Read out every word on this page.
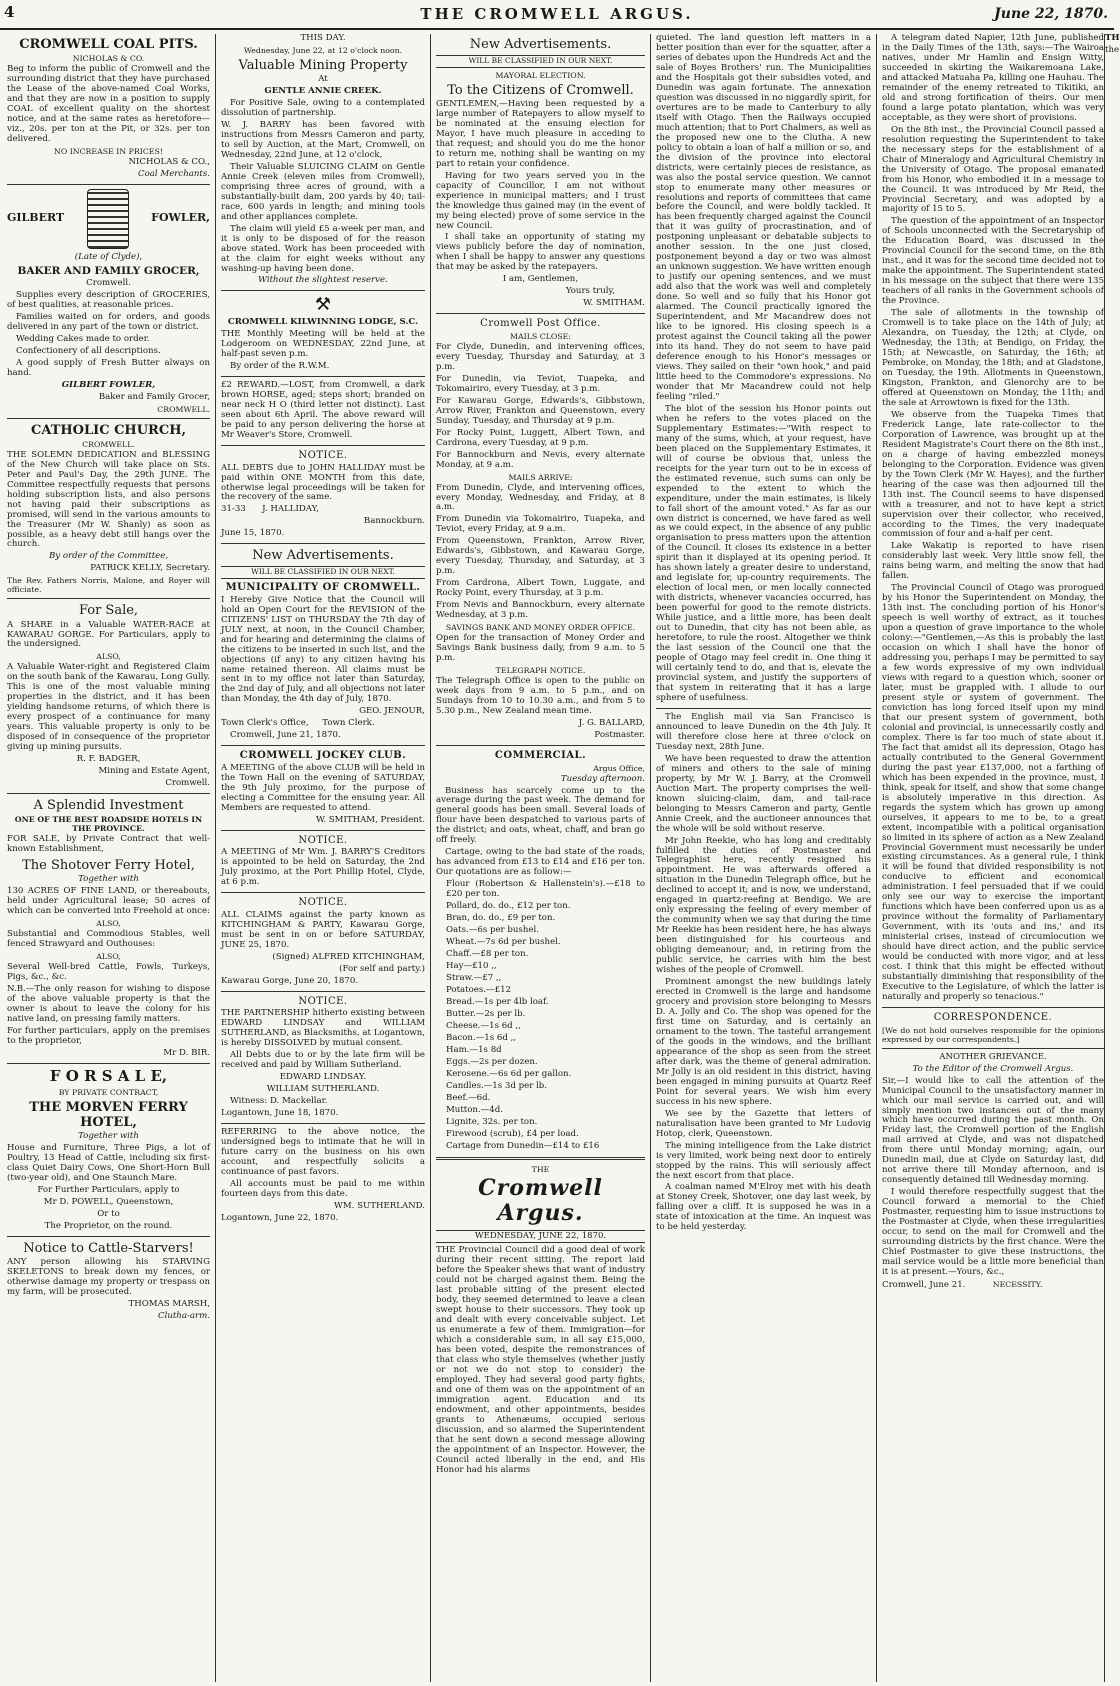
4	THE CROMWELL ARGUS.	June 22, 1870.
CROMWELL COAL PITS.

NICHOLAS & CO.

Beg to inform the public of Cromwell and the surrounding district that they have purchased the Lease of the above-named Coal Works, and that they are now in a position to supply COAL of excellent quality on the shortest notice, and at the same rates as heretofore—viz., 20s. per ton at the Pit, or 32s. per ton delivered.

NO INCREASE IN PRICES!

NICHOLAS & CO.,

Coal Merchants.

GILBERT	FOWLER,

(Late of Clyde),

BAKER AND FAMILY GROCER,

Cromwell.

Supplies every description of GROCERIES, of best qualities, at reasonable prices.

Families waited on for orders, and goods delivered in any part of the town or district.

Wedding Cakes made to order.

Confectionery of all descriptions.

A good supply of Fresh Butter always on hand.

GILBERT FOWLER,

Baker and Family Grocer,

CROMWELL.

CATHOLIC CHURCH,

CROMWELL.

THE SOLEMN DEDICATION and BLESSING of the New Church will take place on Sts. Peter and Paul's Day, the 29th JUNE. The Committee respectfully requests that persons holding subscription lists, and also persons not having paid their subscriptions as promised, will send in the various amounts to the Treasurer (Mr W. Shanly) as soon as possible, as a heavy debt still hangs over the church.

By order of the Committee,

PATRICK KELLY, Secretary.

The Rev. Fathers Norris, Malone, and Royer will officiate.

For Sale,

A SHARE in a Valuable WATER-RACE at KAWARAU GORGE. For Particulars, apply to the undersigned.

ALSO,

A Valuable Water-right and Registered Claim on the south bank of the Kawarau, Long Gully. This is one of the most valuable mining properties in the district, and it has been yielding handsome returns, of which there is every prospect of a continuance for many years. This valuable property is only to be disposed of in consequence of the proprietor giving up mining pursuits.

R. F. BADGER,

Mining and Estate Agent,

Cromwell.

A Splendid Investment

ONE OF THE BEST ROADSIDE HOTELS IN THE PROVINCE.

FOR SALE, by Private Contract that well-known Establishment,

The Shotover Ferry Hotel,

Together with

130 ACRES OF FINE LAND, or thereabouts, held under Agricultural lease; 50 acres of which can be converted into Freehold at once:

ALSO,

Substantial and Commodious Stables, well fenced Strawyard and Outhouses:

ALSO,

Several Well-bred Cattle, Fowls, Turkeys, Pigs, &c., &c.

N.B.—The only reason for wishing to dispose of the above valuable property is that the owner is about to leave the colony for his native land, on pressing family matters.

For further particulars, apply on the premises to the proprietor,

Mr D. BIR.

F O R S A L E,

BY PRIVATE CONTRACT,

THE MORVEN FERRY HOTEL,

Together with

House and Furniture, Three Pigs, a lot of Poultry, 13 Head of Cattle, including six first-class Quiet Dairy Cows, One Short-Horn Bull (two-year old), and One Staunch Mare.

For Further Particulars, apply to

Mr D. POWELL, Queenstown,

Or to

The Proprietor, on the round.

Notice to Cattle-Starvers!

ANY person allowing his STARVING SKELETONS to break down my fences, or otherwise damage my property or trespass on my farm, will be prosecuted.

THOMAS MARSH,

Clutha-arm.

THIS DAY.

Wednesday, June 22, at 12 o'clock noon.

Valuable Mining Property

At

GENTLE ANNIE CREEK.

For Positive Sale, owing to a contemplated dissolution of partnership.

W. J. BARRY has been favored with instructions from Messrs Cameron and party, to sell by Auction, at the Mart, Cromwell, on Wednesday, 22nd June, at 12 o'clock,

Their Valuable SLUICING CLAIM on Gentle Annie Creek (eleven miles from Cromwell), comprising three acres of ground, with a substantially-built dam, 200 yards by 40; tail-race, 600 yards in length; and mining tools and other appliances complete.

The claim will yield £5 a-week per man, and it is only to be disposed of for the reason above stated. Work has been proceeded with at the claim for eight weeks without any washing-up having been done.

Without the slightest reserve.

⚒

CROMWELL KILWINNING LODGE, S.C.

THE Monthly Meeting will be held at the Lodgeroom on WEDNESDAY, 22nd June, at half-past seven p.m.

By order of the R.W.M.

£2 REWARD.—LOST, from Cromwell, a dark brown HORSE, aged; steps short; branded on near neck H O (third letter not distinct). Last seen about 6th April. The above reward will be paid to any person delivering the horse at Mr Weaver's Store, Cromwell.

NOTICE.

ALL DEBTS due to JOHN HALLIDAY must be paid within ONE MONTH from this date, otherwise legal proceedings will be taken for the recovery of the same.

31-33 J. HALLIDAY,

Bannockburn.

June 15, 1870.

New Advertisements.
WILL BE CLASSIFIED IN OUR NEXT.
MUNICIPALITY OF CROMWELL.

I Hereby Give Notice that the Council will hold an Open Court for the REVISION of the CITIZENS' LIST on THURSDAY the 7th day of JULY next, at noon, in the Council Chamber, and for hearing and determining the claims of the citizens to be inserted in such list, and the objections (if any) to any citizen having his name retained thereon. All claims must be sent in to my office not later than Saturday, the 2nd day of July, and all objections not later than Monday, the 4th day of July, 1870.

GEO. JENOUR,

Town Clerk's Office, Town Clerk.

Cromwell, June 21, 1870.

CROMWELL JOCKEY CLUB.

A MEETING of the above CLUB will be held in the Town Hall on the evening of SATURDAY, the 9th July proximo, for the purpose of electing a Committee for the ensuing year. All Members are requested to attend.

W. SMITHAM, President.

NOTICE.

A MEETING of Mr Wm. J. BARRY'S Creditors is appointed to be held on Saturday, the 2nd July proximo, at the Port Phillip Hotel, Clyde, at 6 p.m.

NOTICE.

ALL CLAIMS against the party known as KITCHINGHAM & PARTY, Kawarau Gorge, must be sent in on or before SATURDAY, JUNE 25, 1870.

(Signed) ALFRED KITCHINGHAM,

(For self and party.)

Kawarau Gorge, June 20, 1870.

NOTICE.

THE PARTNERSHIP hitherto existing between EDWARD LINDSAY and WILLIAM SUTHERLAND, as Blacksmiths, at Logantown, is hereby DISSOLVED by mutual consent.

All Debts due to or by the late firm will be received and paid by William Sutherland.

EDWARD LINDSAY.

WILLIAM SUTHERLAND.

Witness: D. Mackellar.

Logantown, June 18, 1870.

REFERRING to the above notice, the undersigned begs to intimate that he will in future carry on the business on his own account, and respectfully solicits a continuance of past favors.

All accounts must be paid to me within fourteen days from this date.

WM. SUTHERLAND.

Logantown, June 22, 1870.

New Advertisements.
WILL BE CLASSIFIED IN OUR NEXT.

MAYORAL ELECTION.

To the Citizens of Cromwell.

GENTLEMEN,—Having been requested by a large number of Ratepayers to allow myself to be nominated at the ensuing election for Mayor, I have much pleasure in acceding to that request; and should you do me the honor to return me, nothing shall be wanting on my part to retain your confidence.

Having for two years served you in the capacity of Councillor, I am not without experience in municipal matters; and I trust the knowledge thus gained may (in the event of my being elected) prove of some service in the new Council.

I shall take an opportunity of stating my views publicly before the day of nomination, when I shall be happy to answer any questions that may be asked by the ratepayers.

I am, Gentlemen,

Yours truly,

W. SMITHAM.

Cromwell Post Office.

MAILS CLOSE:

For Clyde, Dunedin, and intervening offices, every Tuesday, Thursday and Saturday, at 3 p.m.

For Dunedin, via Teviot, Tuapeka, and Tokomairiro, every Tuesday, at 3 p.m.

For Kawarau Gorge, Edwards's, Gibbstown, Arrow River, Frankton and Queenstown, every Sunday, Tuesday, and Thursday at 9 p.m.

For Rocky Point, Luggett, Albert Town, and Cardrona, every Tuesday, at 9 p.m.

For Bannockburn and Nevis, every alternate Monday, at 9 a.m.

MAILS ARRIVE:

From Dunedin, Clyde, and intervening offices, every Monday, Wednesday, and Friday, at 8 a.m.

From Dunedin via Tokomairiro, Tuapeka, and Teviot, every Friday, at 9 a.m.

From Queenstown, Frankton, Arrow River, Edwards's, Gibbstown, and Kawarau Gorge, every Tuesday, Thursday, and Saturday, at 3 p.m.

From Cardrona, Albert Town, Luggate, and Rocky Point, every Thursday, at 3 p.m.

From Nevis and Bannockburn, every alternate Wednesday, at 3 p.m.

SAVINGS BANK AND MONEY ORDER OFFICE.

Open for the transaction of Money Order and Savings Bank business daily, from 9 a.m. to 5 p.m.

TELEGRAPH NOTICE.

The Telegraph Office is open to the public on week days from 9 a.m. to 5 p.m., and on Sundays from 10 to 10.30 a.m., and from 5 to 5.30 p.m., New Zealand mean time.

J. G. BALLARD,

Postmaster.

COMMERCIAL.

Argus Office,

Tuesday afternoon.

Business has scarcely come up to the average during the past week. The demand for general goods has been small. Several loads of flour have been despatched to various parts of the district; and oats, wheat, chaff, and bran go off freely.

Cartage, owing to the bad state of the roads, has advanced from £13 to £14 and £16 per ton. Our quotations are as follow:—

Flour (Robertson & Hallenstein's).—£18 to £20 per ton.

Pollard, do. do., £12 per ton.

Bran, do. do., £9 per ton.

Oats.—6s per bushel.

Wheat.—7s 6d per bushel.

Chaff.—£8 per ton.

Hay—£10 ,,

Straw.—£7 ,,

Potatoes.—£12

Bread.—1s per 4lb loaf.

Butter.—2s per lb.

Cheese.—1s 6d ,,

Bacon.—1s 6d ,,

Ham.—1s 8d

Eggs.—2s per dozen.

Kerosene.—6s 6d per gallon.

Candles.—1s 3d per lb.

Beef.—6d.

Mutton.—4d.

Lignite, 32s. per ton.

Firewood (scrub), £4 per load.

Cartage from Dunedin—£14 to £16

THE

Cromwell Argus.
WEDNESDAY, JUNE 22, 1870.

THE Provincial Council did a good deal of work during their recent sitting. The report laid before the Speaker shews that want of industry could not be charged against them. Being the last probable sitting of the present elected body, they seemed determined to leave a clean swept house to their successors. They took up and dealt with every conceivable subject. Let us enumerate a few of them. Immigration—for which a considerable sum, in all say £15,000, has been voted, despite the remonstrances of that class who style themselves (whether justly or not we do not stop to consider) the employed. They had several good party fights, and one of them was on the appointment of an immigration agent. Education and its endowment, and other appointments, besides grants to Athenæums, occupied serious discussion, and so alarmed the Superintendent that he sent down a second message allowing the appointment of an Inspector. However, the Council acted liberally in the end, and His Honor had his alarms

quieted. The land question left matters in a better position than ever for the squatter, after a series of debates upon the Hundreds Act and the sale of Boyes Brothers' run. The Municipalities and the Hospitals got their subsidies voted, and Dunedin was again fortunate. The annexation question was discussed in no niggardly spirit, for overtures are to be made to Canterbury to ally itself with Otago. Then the Railways occupied much attention; that to Port Chalmers, as well as the proposed new one to the Clutha. A new policy to obtain a loan of half a million or so, and the division of the province into electoral districts, were certainly pieces de resistance, as was also the postal service question. We cannot stop to enumerate many other measures or resolutions and reports of committees that came before the Council, and were boldly tackled. It has been frequently charged against the Council that it was guilty of procrastination, and of postponing unpleasant or debatable subjects to another session. In the one just closed, postponement beyond a day or two was almost an unknown suggestion. We have written enough to justify our opening sentences, and we must add also that the work was well and completely done. So well and so fully that his Honor got alarmed. The Council practically ignored the Superintendent, and Mr Macandrew does not like to be ignored. His closing speech is a protest against the Council taking all the power into its hand. They do not seem to have paid deference enough to his Honor's messages or views. They sailed on their "own hook," and paid little heed to the Commodore's expressions. No wonder that Mr Macandrew could not help feeling "riled."

The blot of the session his Honor points out when he refers to the votes placed on the Supplementary Estimates:—"With respect to many of the sums, which, at your request, have been placed on the Supplementary Estimates, it will of course be obvious that, unless the receipts for the year turn out to be in excess of the estimated revenue, such sums can only be expended to the extent to which the expenditure, under the main estimates, is likely to fall short of the amount voted." As far as our own district is concerned, we have fared as well as we could expect, in the absence of any public organisation to press matters upon the attention of the Council. It closes its existence in a better spirit than it displayed at its opening period. It has shown lately a greater desire to understand, and legislate for, up-country requirements. The election of local men, or men locally connected with districts, whenever vacancies occurred, has been powerful for good to the remote districts. While justice, and a little more, has been dealt out to Dunedin, that city has not been able, as heretofore, to rule the roost. Altogether we think the last session of the Council one that the people of Otago may feel credit in. One thing it will certainly tend to do, and that is, elevate the provincial system, and justify the supporters of that system in reiterating that it has a large sphere of usefulness.

The English mail via San Francisco is announced to leave Dunedin on the 4th July. It will therefore close here at three o'clock on Tuesday next, 28th June.

We have been requested to draw the attention of miners and others to the sale of mining property, by Mr W. J. Barry, at the Cromwell Auction Mart. The property comprises the well-known sluicing-claim, dam, and tail-race belonging to Messrs Cameron and party, Gentle Annie Creek, and the auctioneer announces that the whole will be sold without reserve.

Mr John Reekie, who has long and creditably fulfilled the duties of Postmaster and Telegraphist here, recently resigned his appointment. He was afterwards offered a situation in the Dunedin Telegraph office, but he declined to accept it; and is now, we understand, engaged in quartz-reefing at Bendigo. We are only expressing the feeling of every member of the community when we say that during the time Mr Reekie has been resident here, he has always been distinguished for his courteous and obliging demeanour; and, in retiring from the public service, he carries with him the best wishes of the people of Cromwell.

Prominent amongst the new buildings lately erected in Cromwell is the large and handsome grocery and provision store belonging to Messrs D. A. Jolly and Co. The shop was opened for the first time on Saturday, and is certainly an ornament to the town. The tasteful arrangement of the goods in the windows, and the brilliant appearance of the shop as seen from the street after dark, was the theme of general admiration. Mr Jolly is an old resident in this district, having been engaged in mining pursuits at Quartz Reef Point for several years. We wish him every success in his new sphere.

We see by the Gazette that letters of naturalisation have been granted to Mr Ludovig Hotop, clerk, Queenstown.

The mining intelligence from the Lake district is very limited, work being next door to entirely stopped by the rains. This will seriously affect the next escort from that place.

A coalman named M'Elroy met with his death at Stoney Creek, Shotover, one day last week, by falling over a cliff. It is supposed he was in a state of intoxication at the time. An inquest was to be held yesterday.

A telegram dated Napier, 12th June, published in the Daily Times of the 13th, says:—The Wairoa natives, under Mr Hamlin and Ensign Witty, succeeded in skirting the Waikaremoana Lake, and attacked Matuaha Pa, killing one Hauhau. The remainder of the enemy retreated to Tikitiki, an old and strong fortification of theirs. Our men found a large potato plantation, which was very acceptable, as they were short of provisions.

On the 8th inst., the Provincial Council passed a resolution requesting the Superintendent to take the necessary steps for the establishment of a Chair of Mineralogy and Agricultural Chemistry in the University of Otago. The proposal emanated from his Honor, who embodied it in a message to the Council. It was introduced by Mr Reid, the Provincial Secretary, and was adopted by a majority of 15 to 5.

The question of the appointment of an Inspector of Schools unconnected with the Secretaryship of the Education Board, was discussed in the Provincial Council for the second time, on the 8th inst., and it was for the second time decided not to make the appointment. The Superintendent stated in his message on the subject that there were 135 teachers of all ranks in the Government schools of the Province.

The sale of allotments in the township of Cromwell is to take place on the 14th of July; at Alexandra, on Tuesday, the 12th; at Clyde, on Wednesday, the 13th; at Bendigo, on Friday, the 15th; at Newcastle, on Saturday, the 16th; at Pembroke, on Monday, the 18th; and at Gladstone, on Tuesday, the 19th. Allotments in Queenstown, Kingston, Frankton, and Glenorchy are to be offered at Queenstown on Monday, the 11th; and the sale at Arrowtown is fixed for the 13th.

We observe from the Tuapeka Times that Frederick Lange, late rate-collector to the Corporation of Lawrence, was brought up at the Resident Magistrate's Court there on the 8th inst., on a charge of having embezzled moneys belonging to the Corporation. Evidence was given by the Town Clerk (Mr W. Hayes), and the further hearing of the case was then adjourned till the 13th inst. The Council seems to have dispensed with a treasurer, and not to have kept a strict supervision over their collector, who received, according to the Times, the very inadequate commission of four and a-half per cent.

Lake Wakatip is reported to have risen considerably last week. Very little snow fell, the rains being warm, and melting the snow that had fallen.

The Provincial Council of Otago was prorogued by his Honor the Superintendent on Monday, the 13th inst. The concluding portion of his Honor's speech is well worthy of extract, as it touches upon a question of grave importance to the whole colony:—"Gentlemen,—As this is probably the last occasion on which I shall have the honor of addressing you, perhaps I may be permitted to say a few words expressive of my own individual views with regard to a question which, sooner or later, must be grappled with. I allude to our present style or system of government. The conviction has long forced itself upon my mind that our present system of government, both colonial and provincial, is unnecessarily costly and complex. There is far too much of state about it. The fact that amidst all its depression, Otago has actually contributed to the General Government during the past year £137,000, not a farthing of which has been expended in the province, must, I think, speak for itself, and show that some change is absolutely imperative in this direction. As regards the system which has grown up among ourselves, it appears to me to be, to a great extent, incompatible with a political organisation so limited in its sphere of action as a New Zealand Provincial Government must necessarily be under existing circumstances. As a general rule, I think it will be found that divided responsibility is not conducive to efficient and economical administration. I feel persuaded that if we could only see our way to exercise the important functions which have been conferred upon us as a province without the formality of Parliamentary Government, with its 'outs and ins,' and its ministerial crises, instead of circumlocution we should have direct action, and the public service would be conducted with more vigor, and at less cost. I think that this might be effected without substantially diminishing that responsibility of the Executive to the Legislature, of which the latter is naturally and properly so tenacious."

CORRESPONDENCE.

[We do not hold ourselves responsible for the opinions expressed by our correspondents.]

ANOTHER GRIEVANCE.

To the Editor of the Cromwell Argus.

Sir,—I would like to call the attention of the Municipal Council to the unsatisfactory manner in which our mail service is carried out, and will simply mention two instances out of the many which have occurred during the past month. On Friday last, the Cromwell portion of the English mail arrived at Clyde, and was not dispatched from there until Monday morning; again, our Dunedin mail, due at Clyde on Saturday last, did not arrive there till Monday afternoon, and is consequently detained till Wednesday morning.

I would therefore respectfully suggest that the Council forward a memorial to the Chief Postmaster, requesting him to issue instructions to the Postmaster at Clyde, when these irregularities occur, to send on the mail for Cromwell and the surrounding districts by the first chance. Were the Chief Postmaster to give these instructions, the mail service would be a little more beneficial than it is at present.—Yours, &c.,

Cromwell, June 21.	NECESSITY.

TH

the
